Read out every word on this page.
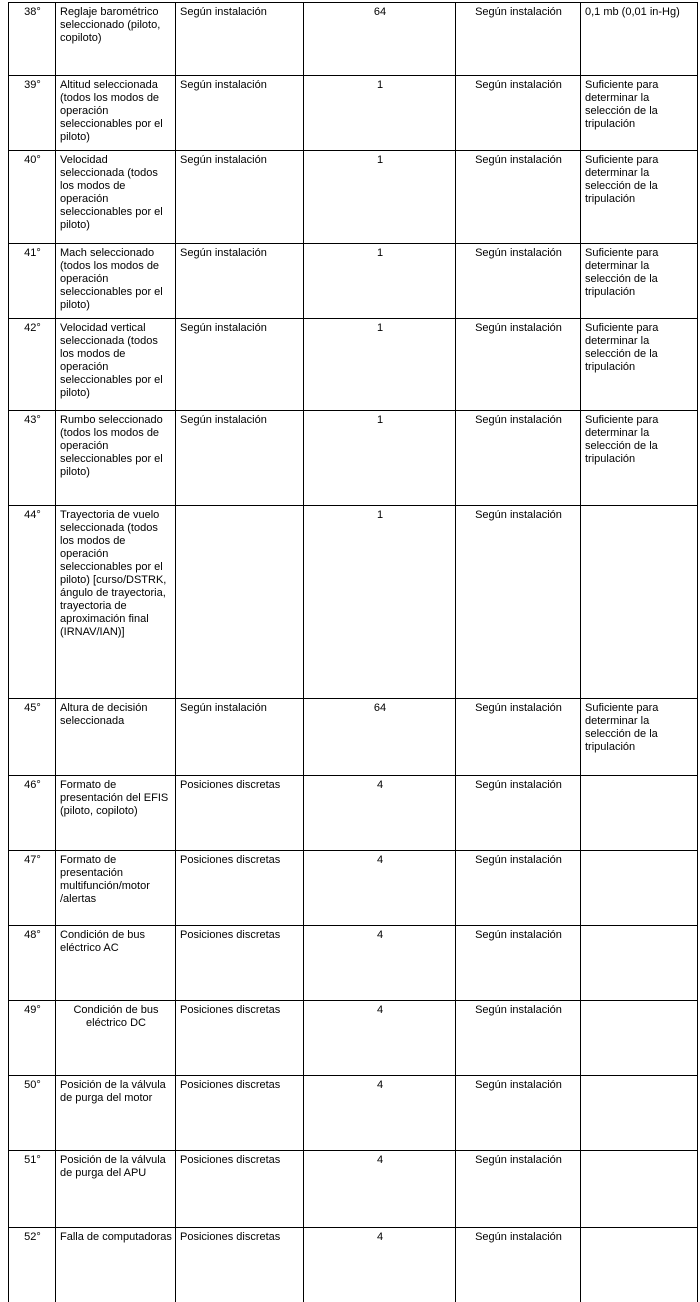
38°	Reglaje barométrico seleccionado (piloto, copiloto)	Según instalación	64	Según instalación	0,1 mb (0,01 in-Hg)
39°	Altitud seleccionada (todos los modos de operación seleccionables por el piloto)	Según instalación	1	Según instalación	Suficiente para determinar la selección de la tripulación
40°	Velocidad seleccionada (todos los modos de operación seleccionables por el piloto)	Según instalación	1	Según instalación	Suficiente para determinar la selección de la tripulación
41°	Mach seleccionado (todos los modos de operación seleccionables por el piloto)	Según instalación	1	Según instalación	Suficiente para determinar la selección de la tripulación
42°	Velocidad vertical seleccionada (todos los modos de operación seleccionables por el piloto)	Según instalación	1	Según instalación	Suficiente para determinar la selección de la tripulación
43°	Rumbo seleccionado (todos los modos de operación seleccionables por el piloto)	Según instalación	1	Según instalación	Suficiente para determinar la selección de la tripulación
44°	Trayectoria de vuelo seleccionada (todos los modos de operación seleccionables por el piloto) [curso/DSTRK, ángulo de trayectoria, trayectoria de aproximación final (IRNAV/IAN)]		1	Según instalación	
45°	Altura de decisión seleccionada	Según instalación	64	Según instalación	Suficiente para determinar la selección de la tripulación
46°	Formato de presentación del EFIS (piloto, copiloto)	Posiciones discretas	4	Según instalación	
47°	Formato de presentación multifunción/motor /alertas	Posiciones discretas	4	Según instalación	
48°	Condición de bus eléctrico AC	Posiciones discretas	4	Según instalación	
49°	Condición de bus eléctrico DC	Posiciones discretas	4	Según instalación	
50°	Posición de la válvula de purga del motor	Posiciones discretas	4	Según instalación	
51°	Posición de la válvula de purga del APU	Posiciones discretas	4	Según instalación	
52°	Falla de computadoras	Posiciones discretas	4	Según instalación	
